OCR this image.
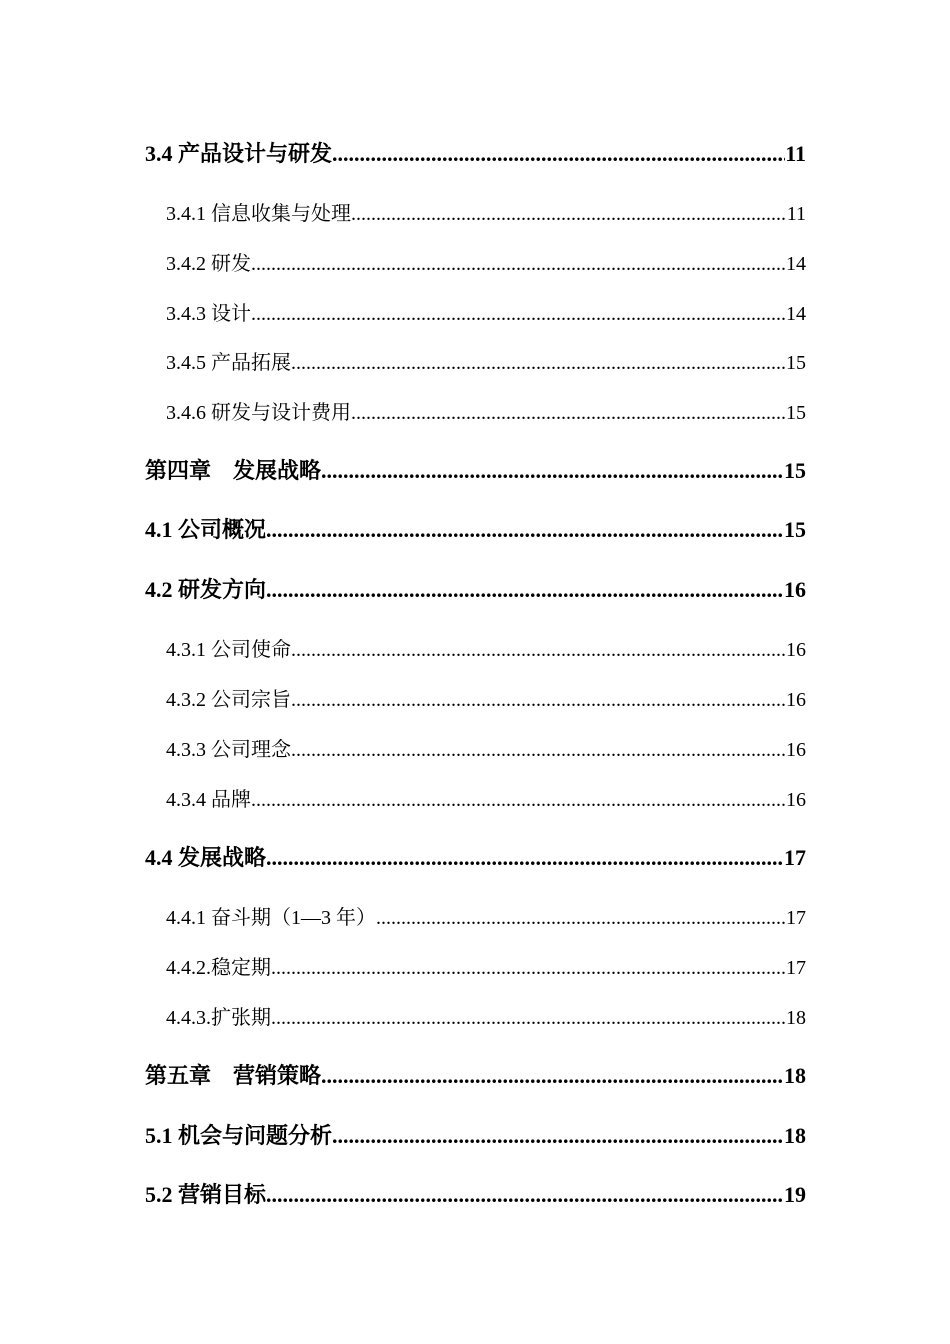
3.4 产品设计与研发 .....	11
3.4.1 信息收集与处理 .....	11
3.4.2 研发 .....	14
3.4.3 设计 .....	14
3.4.5 产品拓展 .....	15
3.4.6 研发与设计费用 .....	15
第四章　发展战略 .....	15
4.1 公司概况 .....	15
4.2 研发方向 .....	16
4.3.1 公司使命 .....	16
4.3.2 公司宗旨 .....	16
4.3.3 公司理念 .....	16
4.3.4 品牌 .....	16
4.4 发展战略 .....	17
4.4.1 奋斗期（1—3 年） .....	17
4.4.2.稳定期 .....	17
4.4.3.扩张期 .....	18
第五章　营销策略 .....	18
5.1 机会与问题分析 .....	18
5.2 营销目标 .....	19
